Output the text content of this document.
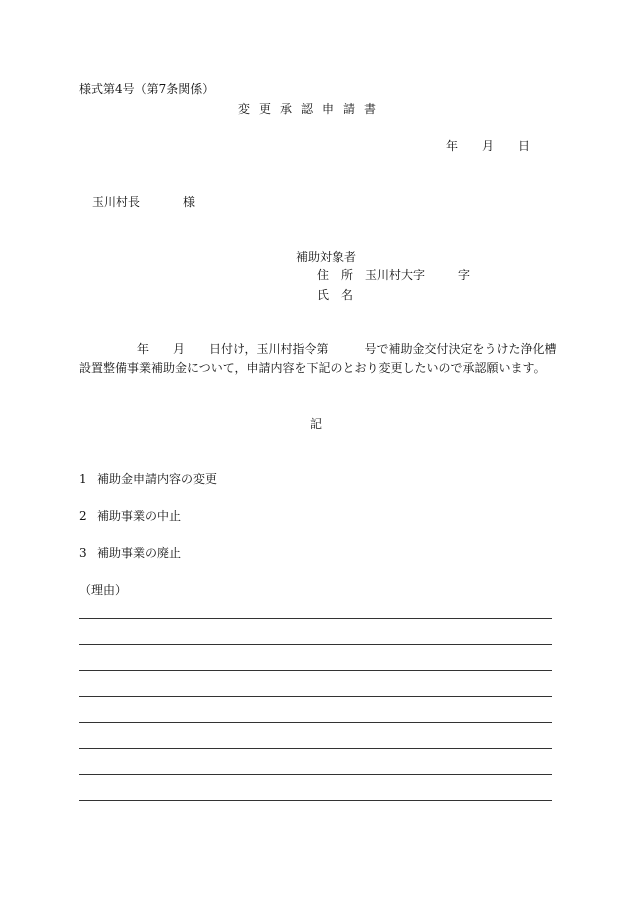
様式第4号（第7条関係）
変更承認申請書
年 月 日
玉川村長	様
補助対象者
住　所 玉川村大字	字
氏　名
年　　月　　日付け，玉川村指令第　　　号で補助金交付決定をうけた浄化槽
設置整備事業補助金について，申請内容を下記のとおり変更したいので承認願います。
記
1 補助金申請内容の変更
2 補助事業の中止
3 補助事業の廃止
（理由）
